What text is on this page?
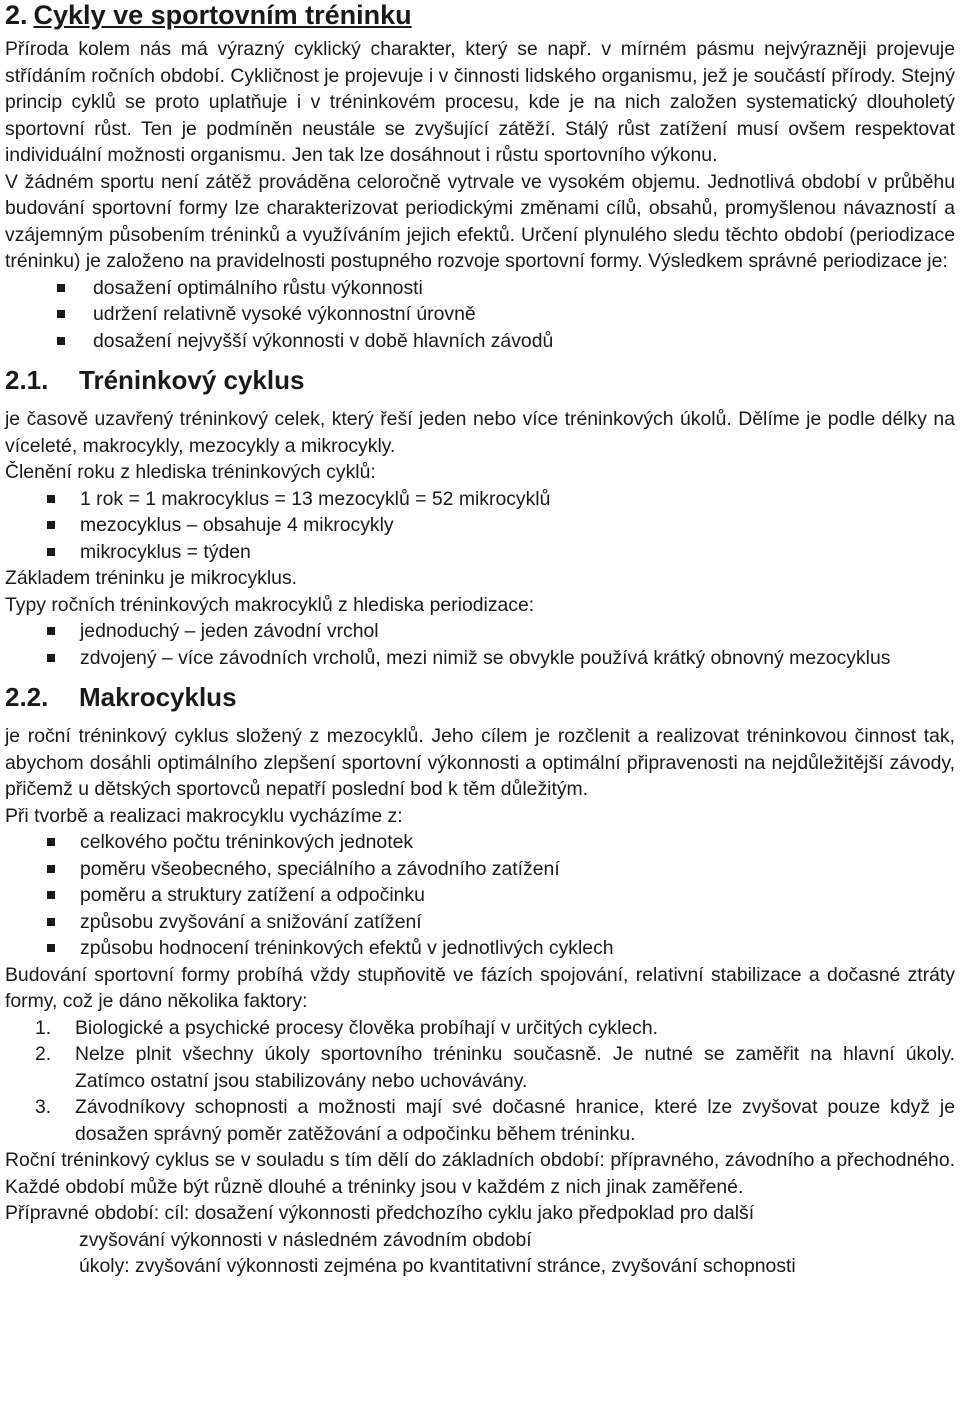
2. Cykly ve sportovním tréninku

Příroda kolem nás má výrazný cyklický charakter, který se např. v mírném pásmu nejvýrazněji projevuje střídáním ročních období. Cykličnost je projevuje i v činnosti lidského organismu, jež je součástí přírody. Stejný princip cyklů se proto uplatňuje i v tréninkovém procesu, kde je na nich založen systematický dlouholetý sportovní růst. Ten je podmíněn neustále se zvyšující zátěží. Stálý růst zatížení musí ovšem respektovat individuální možnosti organismu. Jen tak lze dosáhnout i růstu sportovního výkonu.

V žádném sportu není zátěž prováděna celoročně vytrvale ve vysokém objemu. Jednotlivá období v průběhu budování sportovní formy lze charakterizovat periodickými změnami cílů, obsahů, promyšlenou návazností a vzájemným působením tréninků a využíváním jejich efektů. Určení plynulého sledu těchto období (periodizace tréninku) je založeno na pravidelnosti postupného rozvoje sportovní formy. Výsledkem správné periodizace je:

dosažení optimálního růstu výkonnosti
udržení relativně vysoké výkonnostní úrovně
dosažení nejvyšší výkonnosti v době hlavních závodů
2.1.	Tréninkový cyklus

je časově uzavřený tréninkový celek, který řeší jeden nebo více tréninkových úkolů. Dělíme je podle délky na víceleté, makrocykly, mezocykly a mikrocykly.

Členění roku z hlediska tréninkových cyklů:

1 rok = 1 makrocyklus = 13 mezocyklů = 52 mikrocyklů
mezocyklus – obsahuje 4 mikrocykly
mikrocyklus = týden

Základem tréninku je mikrocyklus.

Typy ročních tréninkových makrocyklů z hlediska periodizace:

jednoduchý – jeden závodní vrchol
zdvojený – více závodních vrcholů, mezi nimiž se obvykle používá krátký obnovný mezocyklus
2.2.	Makrocyklus

je roční tréninkový cyklus složený z mezocyklů. Jeho cílem je rozčlenit a realizovat tréninkovou činnost tak, abychom dosáhli optimálního zlepšení sportovní výkonnosti a optimální připravenosti na nejdůležitější závody, přičemž u dětských sportovců nepatří poslední bod k těm důležitým.

Při tvorbě a realizaci makrocyklu vycházíme z:

celkového počtu tréninkových jednotek
poměru všeobecného, speciálního a závodního zatížení
poměru a struktury zatížení a odpočinku
způsobu zvyšování a snižování zatížení
způsobu hodnocení tréninkových efektů v jednotlivých cyklech

Budování sportovní formy probíhá vždy stupňovitě ve fázích spojování, relativní stabilizace a dočasné ztráty formy, což je dáno několika faktory:

1. Biologické a psychické procesy člověka probíhají v určitých cyklech.
2. Nelze plnit všechny úkoly sportovního tréninku současně. Je nutné se zaměřit na hlavní úkoly. Zatímco ostatní jsou stabilizovány nebo uchovávány.
3. Závodníkovy schopnosti a možnosti mají své dočasné hranice, které lze zvyšovat pouze když je dosažen správný poměr zatěžování a odpočinku během tréninku.

Roční tréninkový cyklus se v souladu s tím dělí do základních období: přípravného, závodního a přechodného. Každé období může být různě dlouhé a tréninky jsou v každém z nich jinak zaměřené.

Přípravné období: cíl: dosažení výkonnosti předchozího cyklu jako předpoklad pro další
zvyšování výkonnosti v následném závodním období
úkoly: zvyšování výkonnosti zejména po kvantitativní stránce, zvyšování schopnosti
